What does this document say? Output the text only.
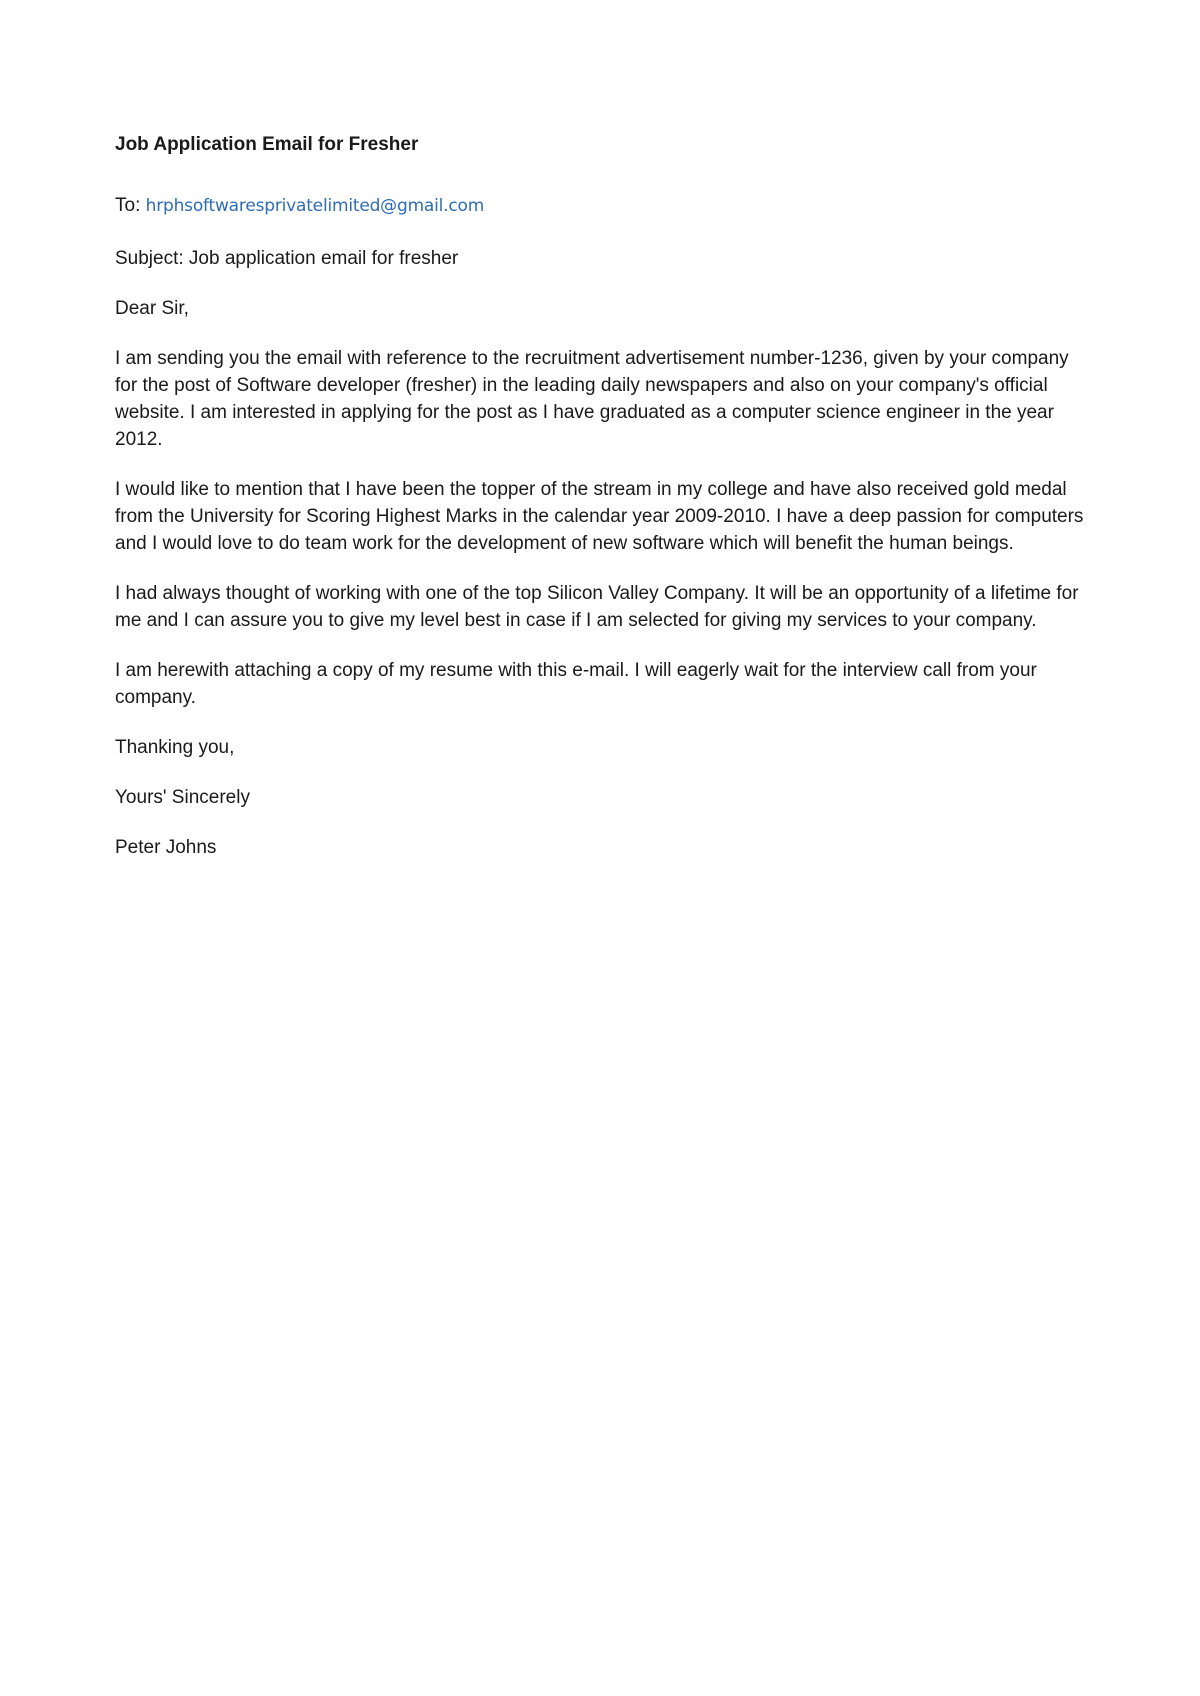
Job Application Email for Fresher
To: hrphsoftwaresprivatelimited@gmail.com
Subject: Job application email for fresher
Dear Sir,
I am sending you the email with reference to the recruitment advertisement number-1236, given by your company for the post of Software developer (fresher) in the leading daily newspapers and also on your company's official website. I am interested in applying for the post as I have graduated as a computer science engineer in the year 2012.
I would like to mention that I have been the topper of the stream in my college and have also received gold medal from the University for Scoring Highest Marks in the calendar year 2009-2010. I have a deep passion for computers and I would love to do team work for the development of new software which will benefit the human beings.
I had always thought of working with one of the top Silicon Valley Company. It will be an opportunity of a lifetime for me and I can assure you to give my level best in case if I am selected for giving my services to your company.
I am herewith attaching a copy of my resume with this e-mail. I will eagerly wait for the interview call from your company.
Thanking you,
Yours' Sincerely
Peter Johns
